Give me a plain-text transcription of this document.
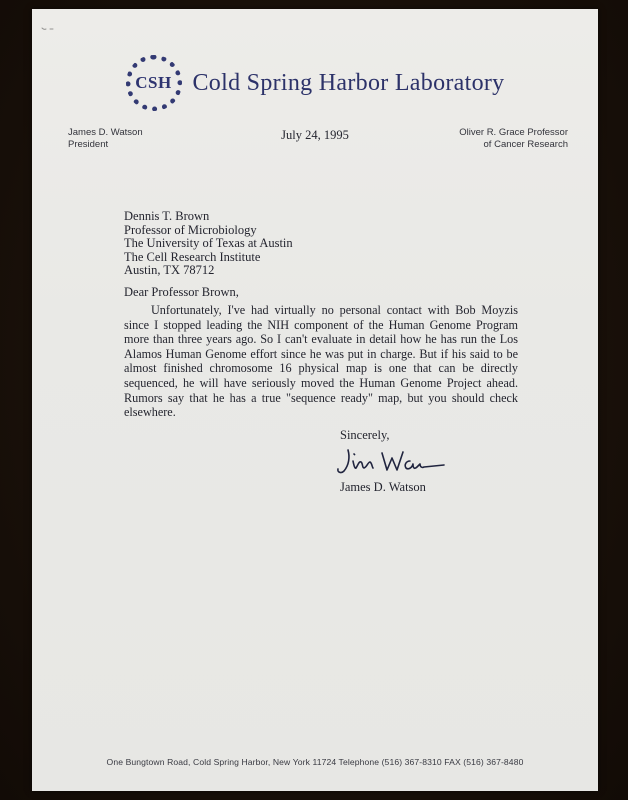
CSH Cold Spring Harbor Laboratory
James D. Watson
President
July 24, 1995	Oliver R. Grace Professor
of Cancer Research
Dennis T. Brown
Professor of Microbiology
The University of Texas at Austin
The Cell Research Institute
Austin, TX 78712

Dear Professor Brown,

Unfortunately, I've had virtually no personal contact with Bob Moyzis since I stopped leading the NIH component of the Human Genome Program more than three years ago. So I can't evaluate in detail how he has run the Los Alamos Human Genome effort since he was put in charge. But if his said to be almost finished chromosome 16 physical map is one that can be directly sequenced, he will have seriously moved the Human Genome Project ahead. Rumors say that he has a true "sequence ready" map, but you should check elsewhere.

Sincerely,
James D. Watson
One Bungtown Road, Cold Spring Harbor, New York 11724 Telephone (516) 367-8310 FAX (516) 367-8480
